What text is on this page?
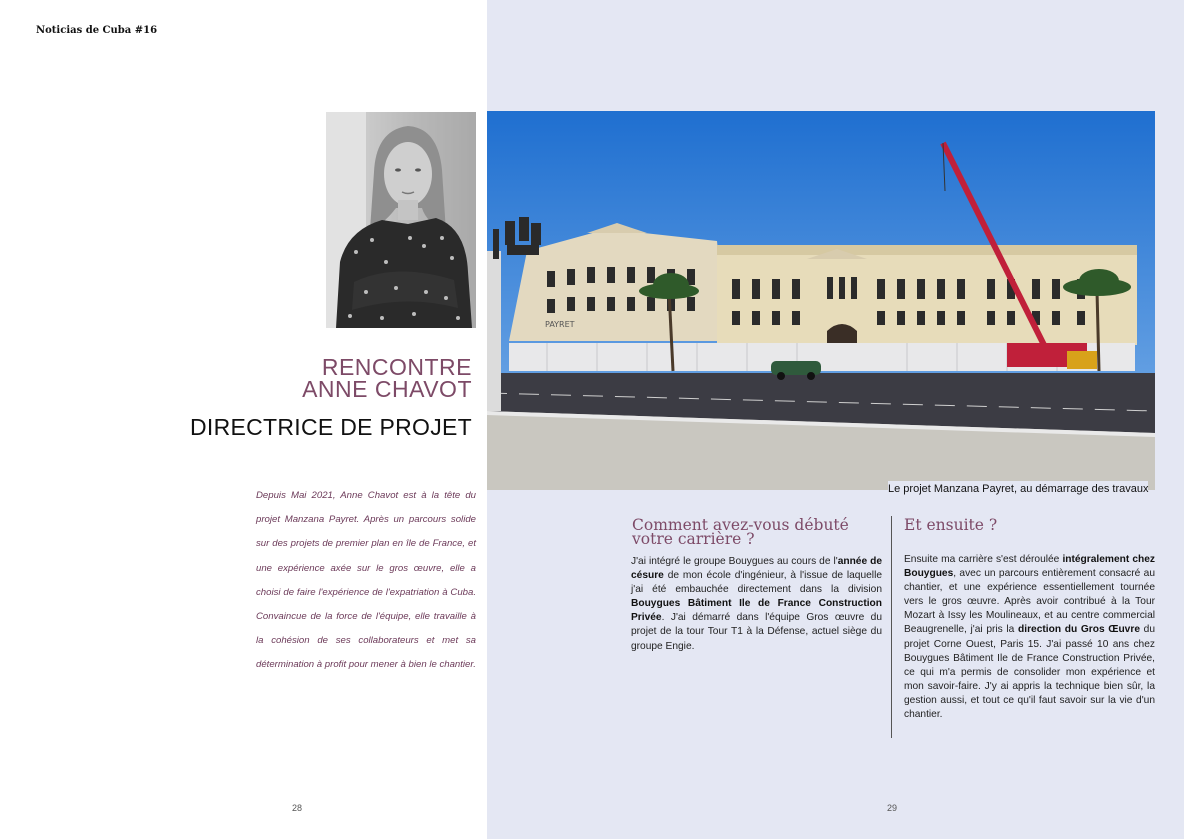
Noticias de Cuba #16
RENCONTRE
ANNE CHAVOT
DIRECTRICE DE PROJET
Depuis Mai 2021, Anne Chavot est à la tête du projet Manzana Payret. Après un parcours solide sur des projets de premier plan en île de France, et une expérience axée sur le gros œuvre, elle a choisi de faire l'expérience de l'expatriation à Cuba. Convaincue de la force de l'équipe, elle travaille à la cohésion de ses collaborateurs et met sa détermination à profit pour mener à bien le chantier.
28
PAYRET
Le projet Manzana Payret, au démarrage des travaux
Comment avez-vous débuté votre carrière ?
J'ai intégré le groupe Bouygues au cours de l'année de césure de mon école d'ingénieur, à l'issue de laquelle j'ai été embauchée directement dans la division Bouygues Bâtiment Ile de France Construction Privée. J'ai démarré dans l'équipe Gros œuvre du projet de la tour Tour T1 à la Défense, actuel siège du groupe Engie.
Et ensuite ?
Ensuite ma carrière s'est déroulée intégralement chez Bouygues, avec un parcours entièrement consacré au chantier, et une expérience essentiellement tournée vers le gros œuvre. Après avoir contribué à la Tour Mozart à Issy les Moulineaux, et au centre commercial Beaugrenelle, j'ai pris la direction du Gros Œuvre du projet Corne Ouest, Paris 15. J'ai passé 10 ans chez Bouygues Bâtiment Ile de France Construction Privée, ce qui m'a permis de consolider mon expérience et mon savoir-faire. J'y ai appris la technique bien sûr, la gestion aussi, et tout ce qu'il faut savoir sur la vie d'un chantier.
29
